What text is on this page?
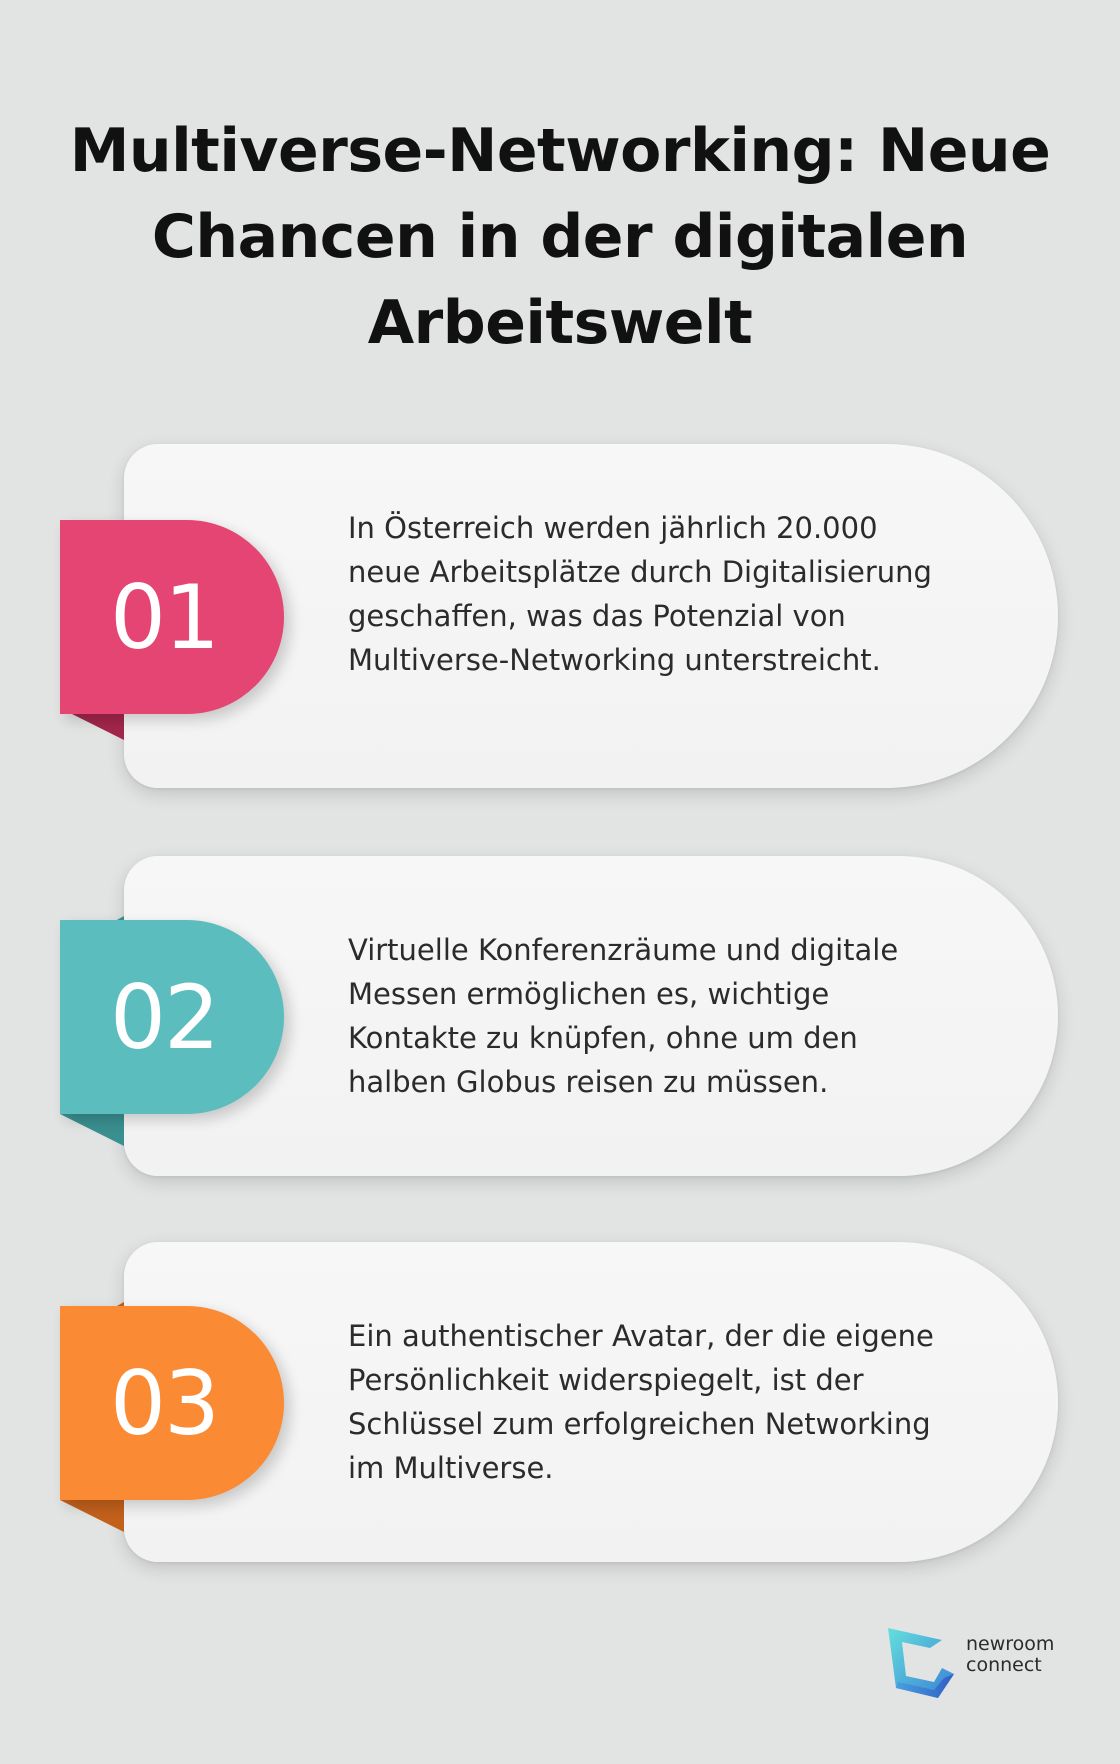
Multiverse-Networking: Neue Chancen in der digitalen Arbeitswelt
01
In Österreich werden jährlich 20.000 neue Arbeitsplätze durch Digitalisierung geschaffen, was das Potenzial von Multiverse-Networking unterstreicht.
02
Virtuelle Konferenzräume und digitale Messen ermöglichen es, wichtige Kontakte zu knüpfen, ohne um den halben Globus reisen zu müssen.
03
Ein authentischer Avatar, der die eigene Persönlichkeit widerspiegelt, ist der Schlüssel zum erfolgreichen Networking im Multiverse.
newroom
connect
